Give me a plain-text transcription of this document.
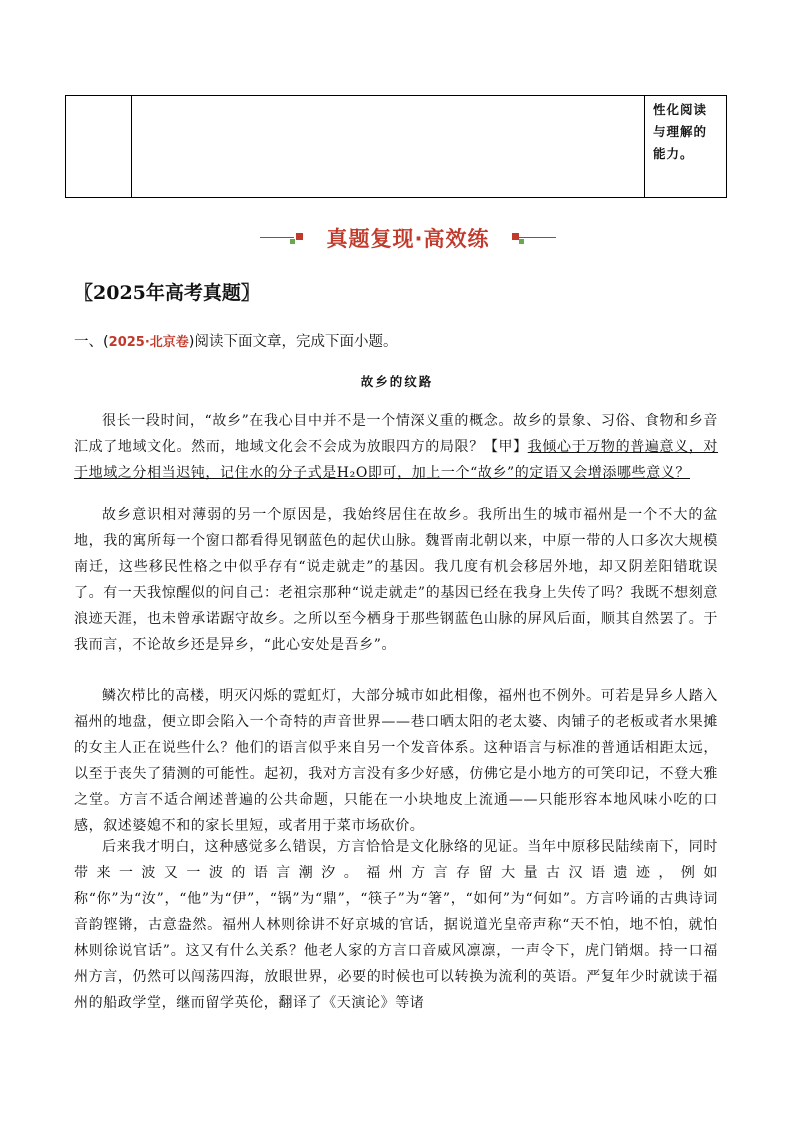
性化阅读
与理解的
能力。
真题复现·高效练
〖2025年高考真题〗
一、(2025·北京卷)阅读下面文章，完成下面小题。
故乡的纹路
很长一段时间，“故乡”在我心目中并不是一个情深义重的概念。故乡的景象、习俗、食物和乡音汇成了地域文化。然而，地域文化会不会成为放眼四方的局限？【甲】我倾心于万物的普遍意义，对于地域之分相当迟钝，记住水的分子式是H₂O即可，加上一个“故乡”的定语又会增添哪些意义？
故乡意识相对薄弱的另一个原因是，我始终居住在故乡。我所出生的城市福州是一个不大的盆地，我的寓所每一个窗口都看得见钢蓝色的起伏山脉。魏晋南北朝以来，中原一带的人口多次大规模南迁，这些移民性格之中似乎存有“说走就走”的基因。我几度有机会移居外地，却又阴差阳错耽误了。有一天我惊醒似的问自己：老祖宗那种“说走就走”的基因已经在我身上失传了吗？我既不想刻意浪迹天涯，也未曾承诺踞守故乡。之所以至今栖身于那些钢蓝色山脉的屏风后面，顺其自然罢了。于我而言，不论故乡还是异乡，“此心安处是吾乡”。
鳞次栉比的高楼，明灭闪烁的霓虹灯，大部分城市如此相像，福州也不例外。可若是异乡人踏入福州的地盘，便立即会陷入一个奇特的声音世界——巷口晒太阳的老太婆、肉铺子的老板或者水果摊的女主人正在说些什么？他们的语言似乎来自另一个发音体系。这种语言与标准的普通话相距太远，以至于丧失了猜测的可能性。起初，我对方言没有多少好感，仿佛它是小地方的可笑印记，不登大雅之堂。方言不适合阐述普遍的公共命题，只能在一小块地皮上流通——只能形容本地风味小吃的口感，叙述婆媳不和的家长里短，或者用于菜市场砍价。
后来我才明白，这种感觉多么错误，方言恰恰是文化脉络的见证。当年中原移民陆续南下，同时带来一波又一波的语言潮汐。福州方言存留大量古汉语遗迹，例如称“你”为“汝”，“他”为“伊”，“锅”为“鼎”，“筷子”为“箸”，“如何”为“何如”。方言吟诵的古典诗词音韵铿锵，古意盎然。福州人林则徐讲不好京城的官话，据说道光皇帝声称“天不怕，地不怕，就怕林则徐说官话”。这又有什么关系？他老人家的方言口音威风凛凛，一声令下，虎门销烟。持一口福州方言，仍然可以闯荡四海，放眼世界，必要的时候也可以转换为流利的英语。严复年少时就读于福州的船政学堂，继而留学英伦，翻译了《天演论》等诸
